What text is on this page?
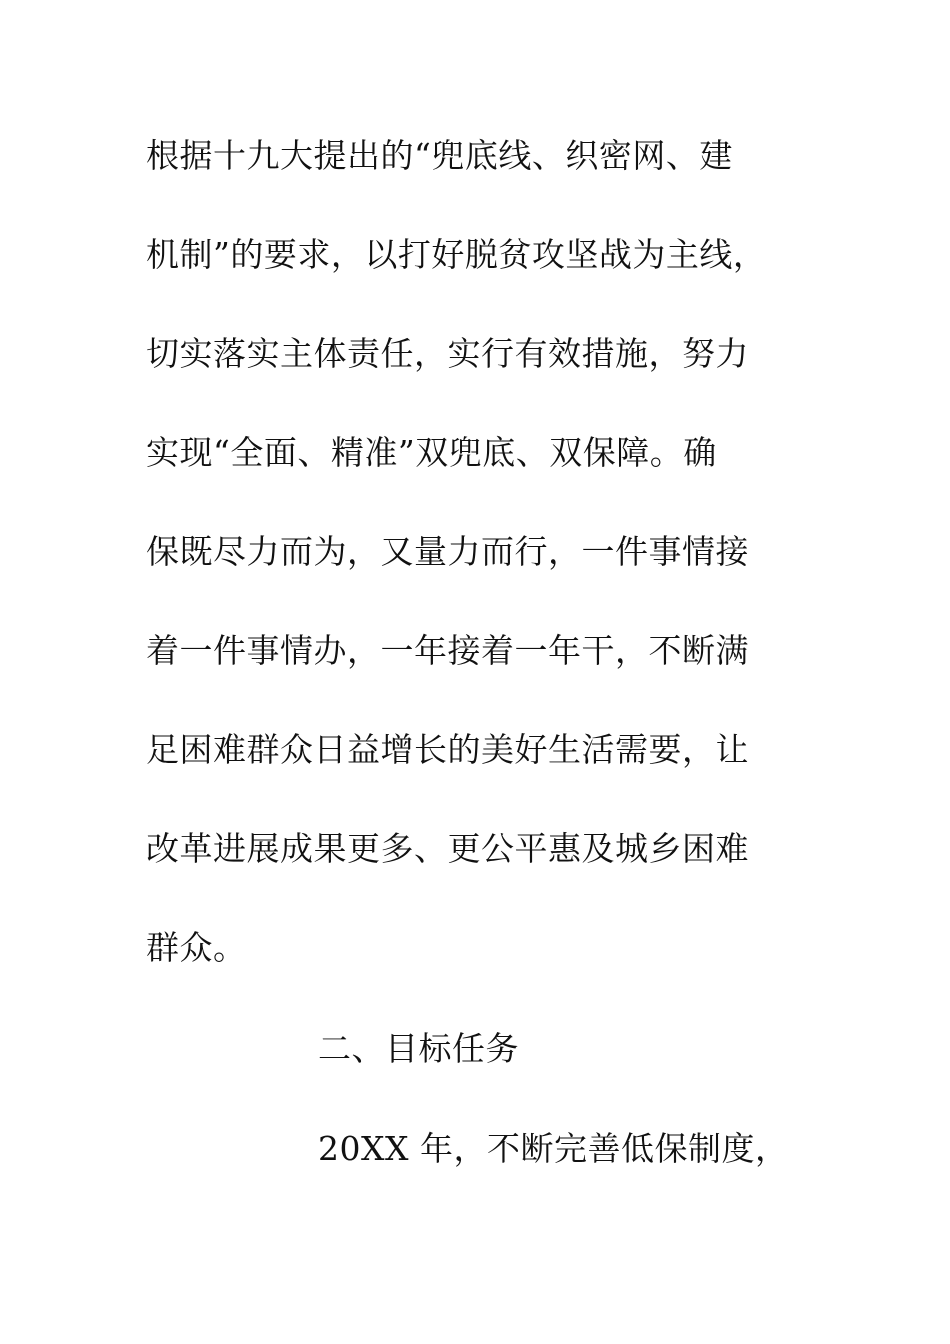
根据十九大提出的“兜底线、织密网、建
机制”的要求，以打好脱贫攻坚战为主线，
切实落实主体责任，实行有效措施，努力
实现“全面、精准”双兜底、双保障。确
保既尽力而为，又量力而行，一件事情接
着一件事情办，一年接着一年干，不断满
足困难群众日益增长的美好生活需要，让
改革进展成果更多、更公平惠及城乡困难
群众。
二、目标任务
20XX 年，不断完善低保制度，
